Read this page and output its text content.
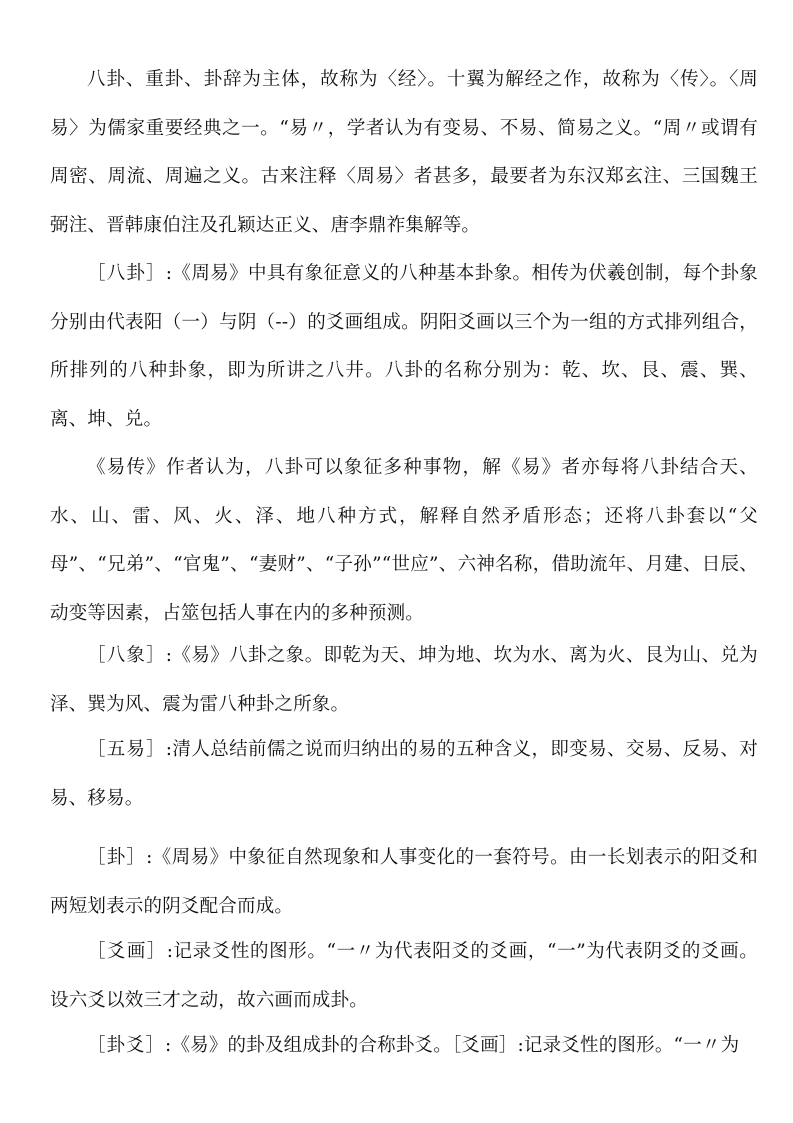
八卦、重卦、卦辞为主体，故称为〈经〉。十翼为解经之作，故称为〈传〉。〈周易〉为儒家重要经典之一。“易〃，学者认为有变易、不易、简易之义。“周〃或谓有周密、周流、周遍之义。古来注释〈周易〉者甚多，最要者为东汉郑玄注、三国魏王弼注、晋韩康伯注及孔颖达正义、唐李鼎祚集解等。

［八卦］:《周易》中具有象征意义的八种基本卦象。相传为伏羲创制，每个卦象分别由代表阳（一）与阴（--）的爻画组成。阴阳爻画以三个为一组的方式排列组合，所排列的八种卦象，即为所讲之八井。八卦的名称分别为：乾、坎、艮、震、巽、离、坤、兑。

《易传》作者认为，八卦可以象征多种事物，解《易》者亦每将八卦结合天、水、山、雷、风、火、泽、地八种方式，解释自然矛盾形态；还将八卦套以“父母”、“兄弟”、“官鬼”、“妻财”、“子孙”“世应”、六神名称，借助流年、月建、日辰、动变等因素，占筮包括人事在内的多种预测。

［八象］:《易》八卦之象。即乾为天、坤为地、坎为水、离为火、艮为山、兑为泽、巽为风、震为雷八种卦之所象。

［五易］:清人总结前儒之说而归纳出的易的五种含义，即变易、交易、反易、对易、移易。

［卦］:《周易》中象征自然现象和人事变化的一套符号。由一长划表示的阳爻和两短划表示的阴爻配合而成。

［爻画］:记录爻性的图形。“一〃为代表阳爻的爻画，“一”为代表阴爻的爻画。设六爻以效三才之动，故六画而成卦。

［卦爻］:《易》的卦及组成卦的合称卦爻。［爻画］:记录爻性的图形。“一〃为
